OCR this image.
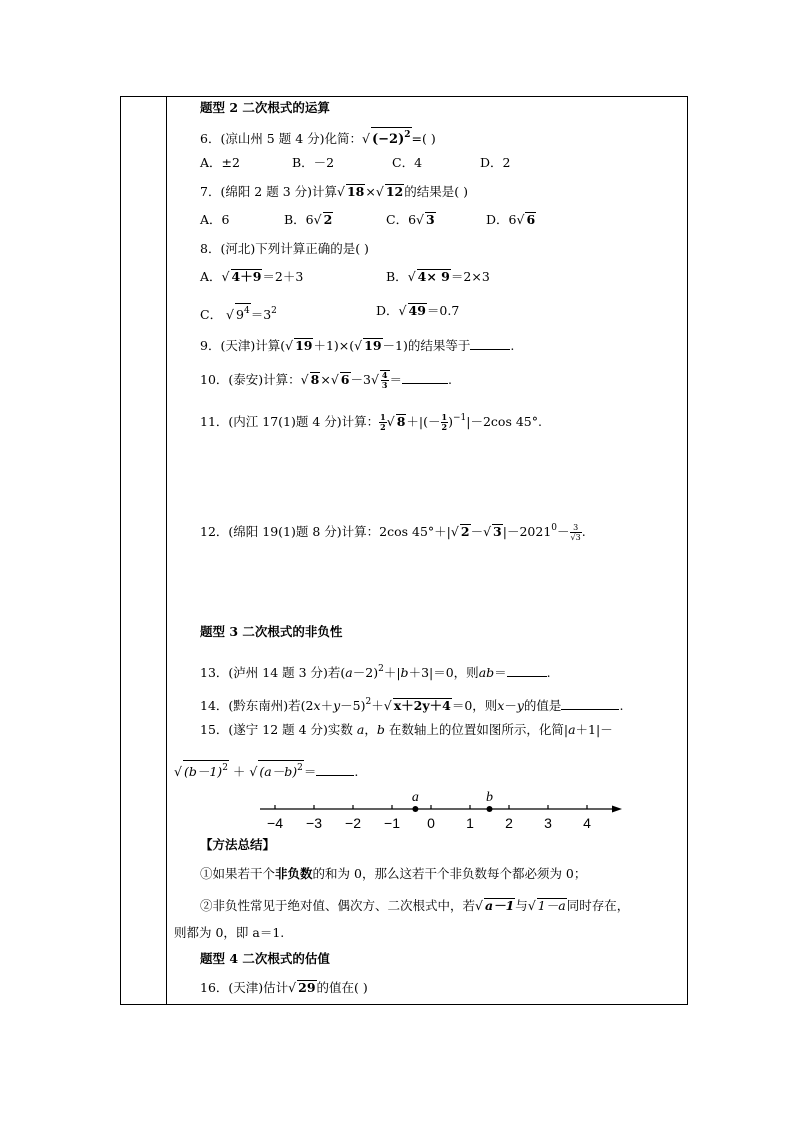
题型 2 二次根式的运算
6．(凉山州 5 题 4 分)化简：√ $(-2)^2=$( )
A．±2	B．－2	C．4	D．2
7．(绵阳 2 题 3 分)计算√ 18×√ 12的结果是( )
A．6	B．6√ 2	C．6√ 3	D．6√ 6
8．(河北)下列计算正确的是( )
A．√ 4＋9＝2＋3	B．√ 4× 9＝2×3
C． √ $9^4=3^2$	D．√ 49＝0.7
9．(天津)计算(√ 19＋1)×(√ 19－1)的结果等于	.
10．(泰安)计算：√ 8×√ $6-3√ \frac{4}{3}$ ＝	.
11．(内江 17(1)题 4 分)计算： $\frac{1}{2}$ √ $8+|(- \frac{1}{2} )^{-1}|-2\cos$ 45°.
12．(绵阳 19(1)题 8 分)计算：2cos 45°＋|√ 2－√ $3|-2021^0- \frac{3}{√3}$ .
题型 3 二次根式的非负性
13．(泸州 14 题 3 分)若$(a-2)^2+|b+3|=0$，则ab＝	.
14．(黔东南州)若$(2x+y-5)^2+√$ x＋2y＋4＝0，则x－y的值是	.
15．(遂宁 12 题 4 分)实数 a，b 在数轴上的位置如图所示，化简|a＋1|－
√ $(b-1)^2$ ＋ √ $(a-b)^2=$	.
−4 −3 −2 −1 0 1 2 3 4
a	b
【方法总结】
①如果若干个非负数的和为 0，那么这若干个非负数每个都必须为 0；
②非负性常见于绝对值、偶次方、二次根式中，若√ a－1与√ 1－a同时存在，
则都为 0，即 a＝1.
题型 4 二次根式的估值
16．(天津)估计√ 29的值在( )
